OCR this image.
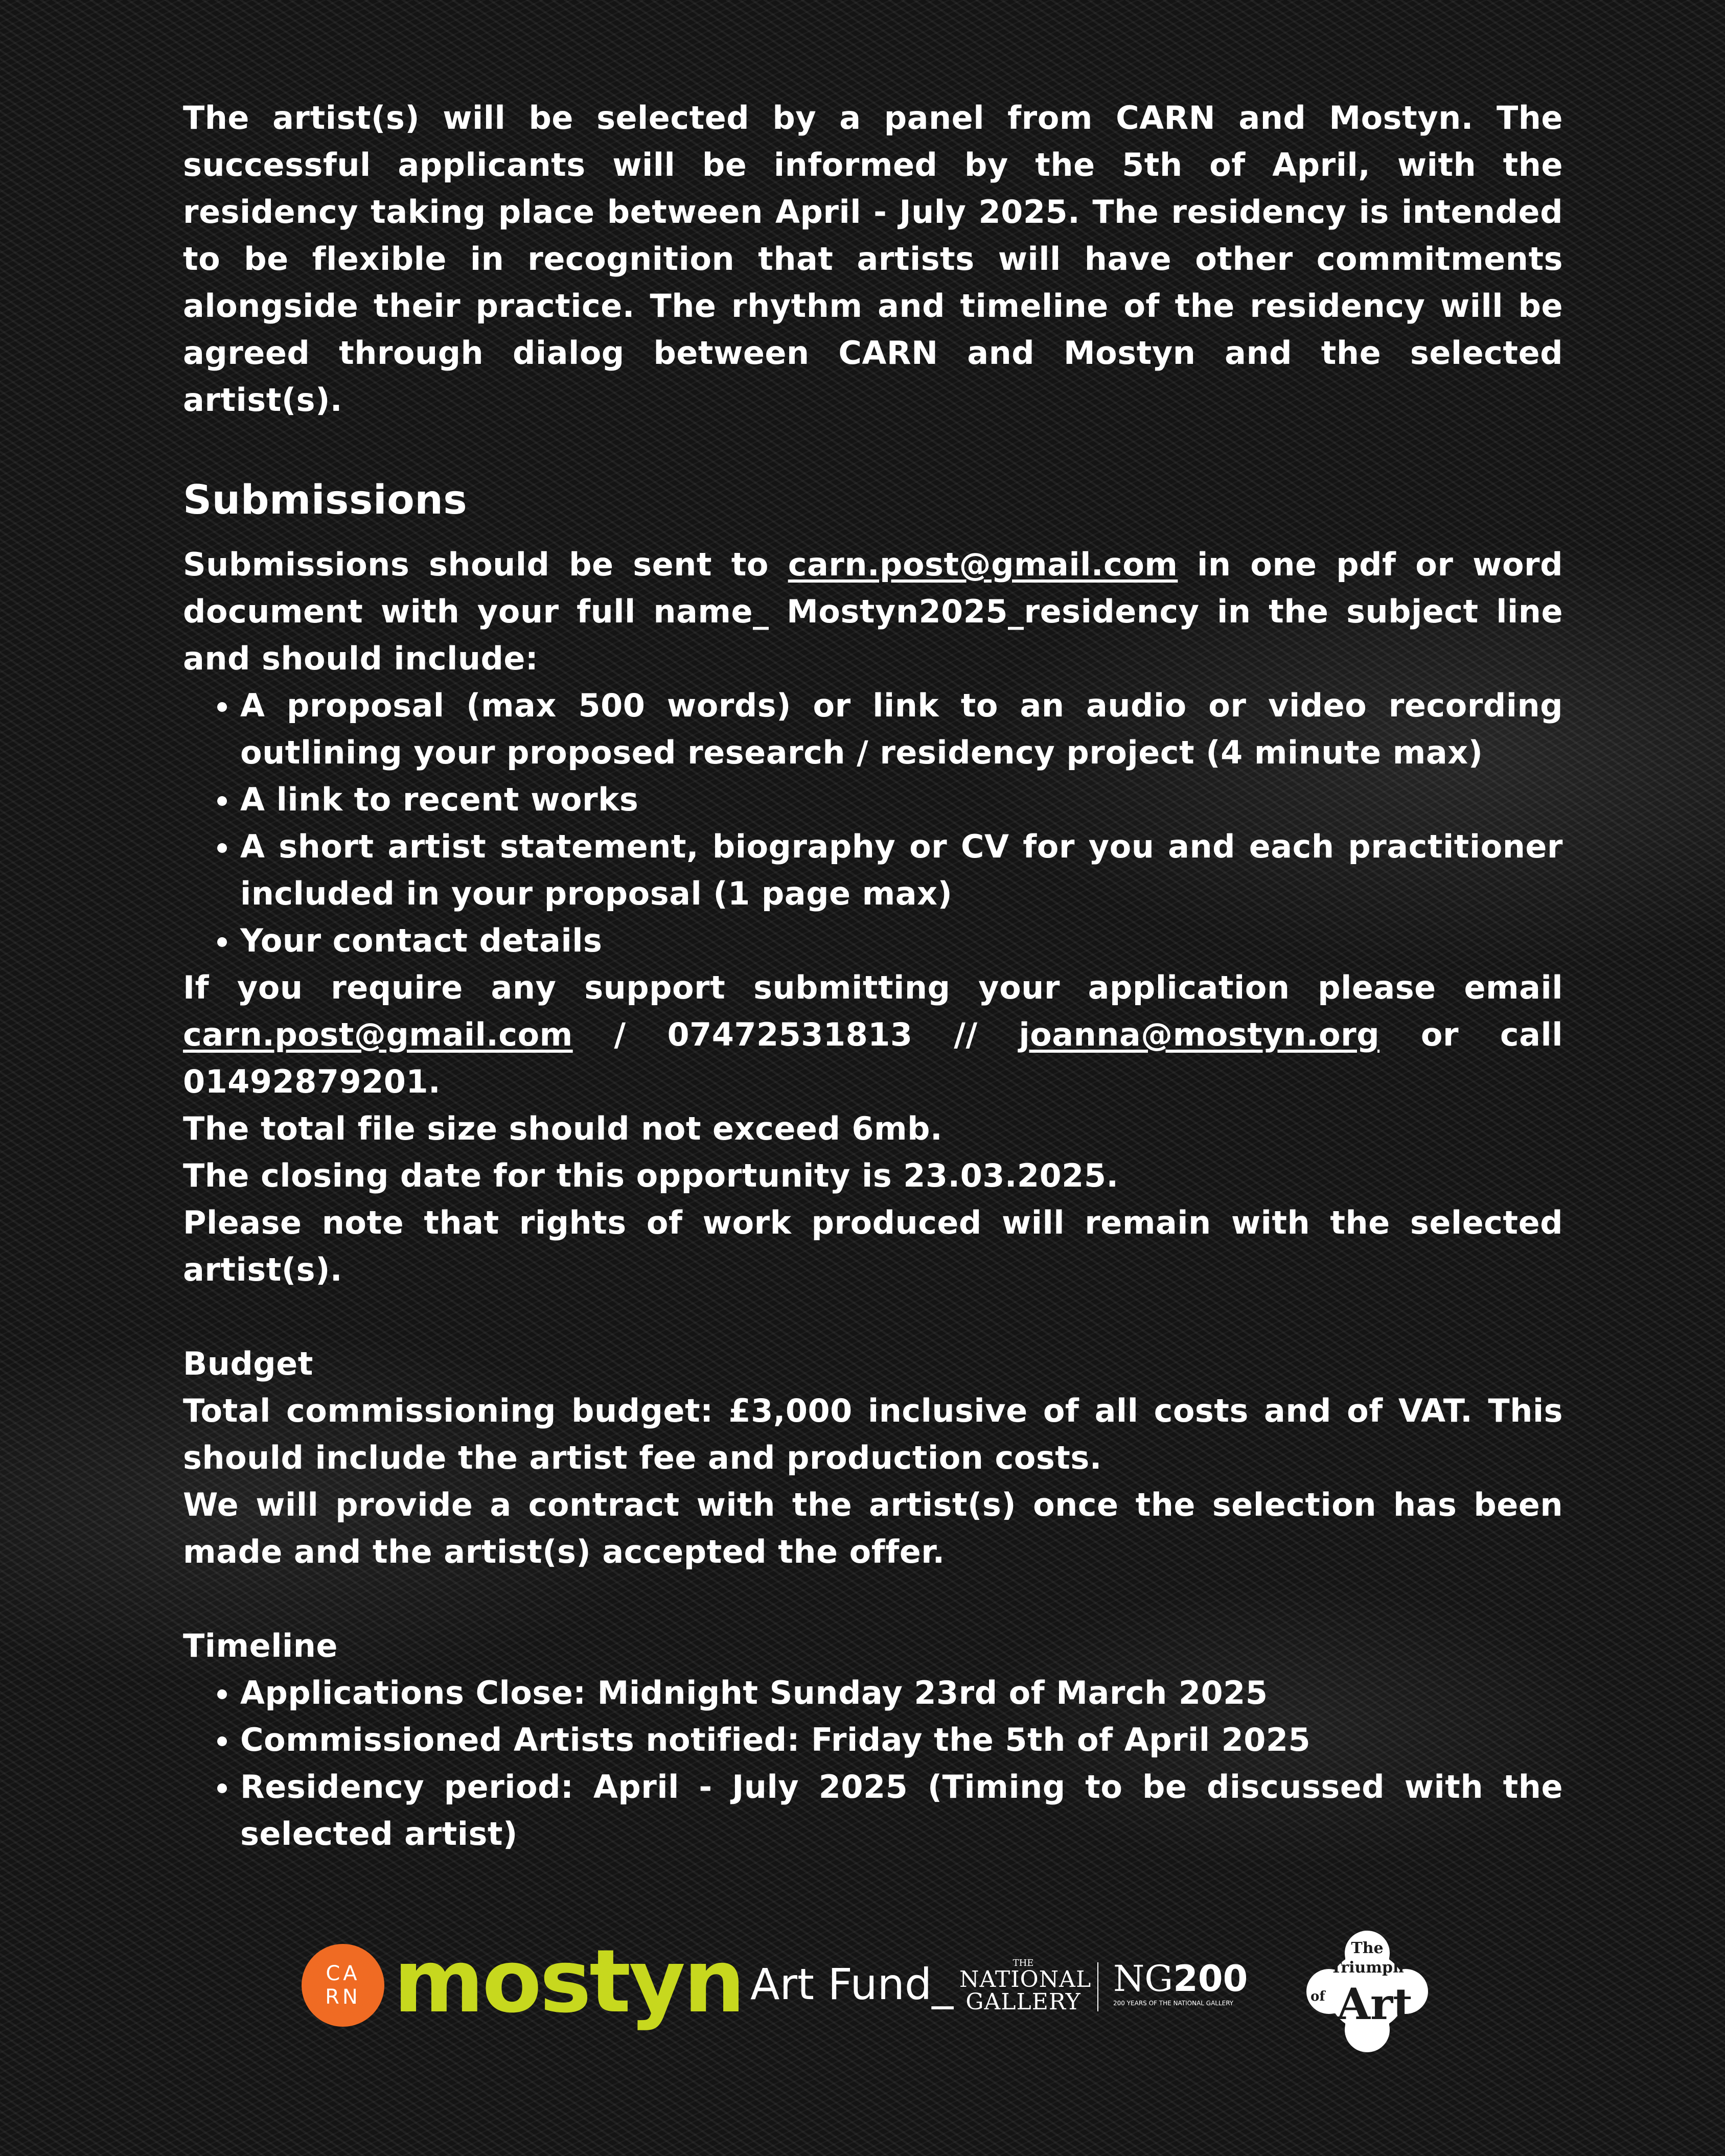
The artist(s) will be selected by a panel from CARN and Mostyn. The successful applicants will be informed by the 5th of April, with the residency taking place between April - July 2025. The residency is intended to be flexible in recognition that artists will have other commitments alongside their practice. The rhythm and timeline of the residency will be agreed through dialog between CARN and Mostyn and the selected artist(s).

Submissions

Submissions should be sent to carn.post@gmail.com in one pdf or word document with your full name_ Mostyn2025_residency in the subject line and should include:

• A proposal (max 500 words) or link to an audio or video recording outlining your proposed research / residency project (4 minute max)
• A link to recent works
• A short artist statement, biography or CV for you and each practitioner included in your proposal (1 page max)
• Your contact details

If you require any support submitting your application please email

carn.post@gmail.com / 07472531813 // joanna@mostyn.org or call

01492879201.

The total file size should not exceed 6mb.

The closing date for this opportunity is 23.03.2025.

Please note that rights of work produced will remain with the selected artist(s).

Budget

Total commissioning budget: £3,000 inclusive of all costs and of VAT. This should include the artist fee and production costs.

We will provide a contract with the artist(s) once the selection has been made and the artist(s) accepted the offer.

Timeline

• Applications Close: Midnight Sunday 23rd of March 2025
• Commissioned Artists notified: Friday the 5th of April 2025
• Residency period: April - July 2025 (Timing to be discussed with the selected artist)
CA
RN mostyn Art Fund_	THE
NATIONAL
GALLERY
NG200
200 YEARS OF THE NATIONAL GALLERY
The
Triumph
of Art
